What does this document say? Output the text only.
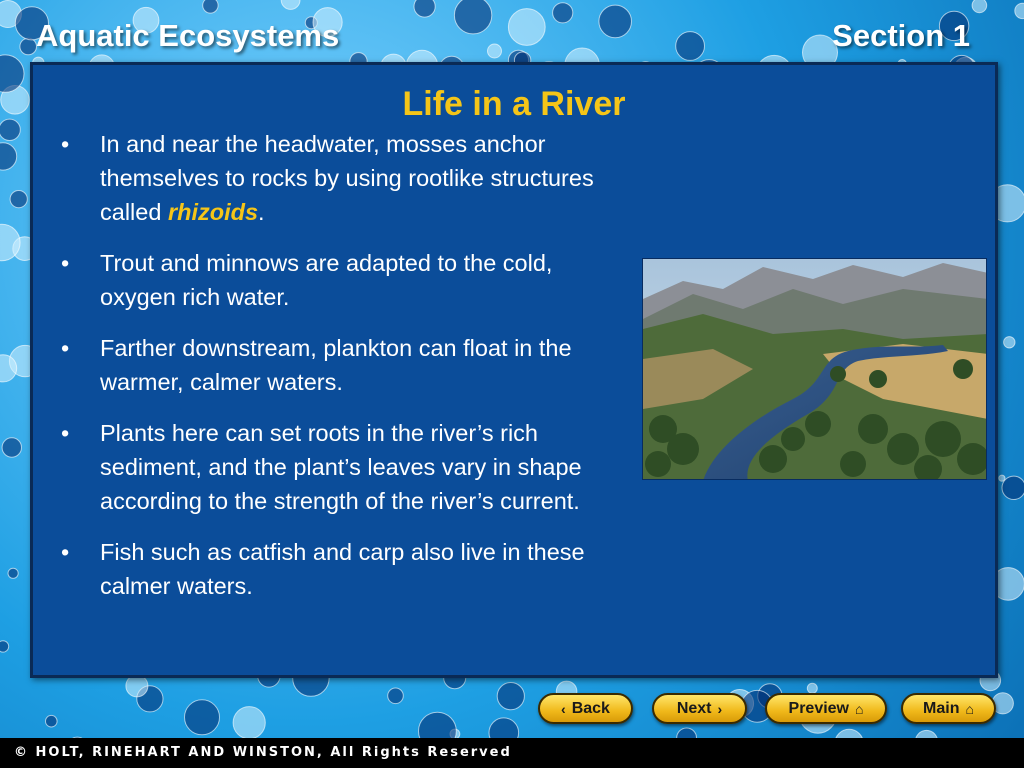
Aquatic Ecosystems	Section 1
Life in a River
• In and near the headwater, mosses anchor themselves to rocks by using rootlike structures called rhizoids.
• Trout and minnows are adapted to the cold, oxygen rich water.
• Farther downstream, plankton can float in the warmer, calmer waters.
• Plants here can set roots in the river’s rich sediment, and the plant’s leaves vary in shape according to the strength of the river’s current.
• Fish such as catfish and carp also live in these calmer waters.
‹ Back	Next ›	Preview ⌂	Main ⌂
© HOLT, RINEHART AND WINSTON, All Rights Reserved
